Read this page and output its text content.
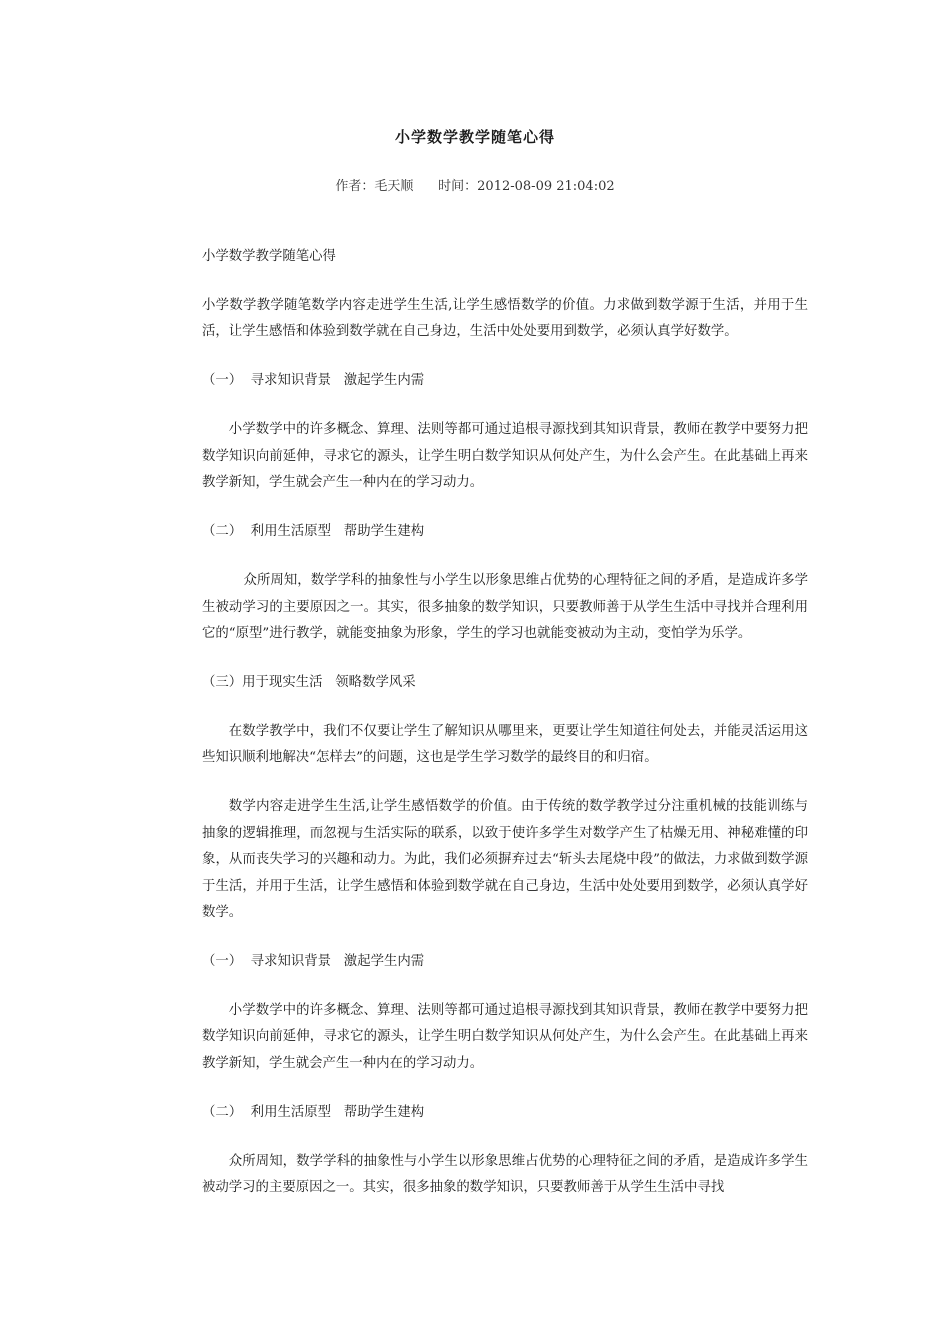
小学数学教学随笔心得
作者：毛天顺 时间：2012-08-09 21:04:02

小学数学教学随笔心得

小学数学教学随笔数学内容走进学生生活,让学生感悟数学的价值。力求做到数学源于生活，并用于生活，让学生感悟和体验到数学就在自己身边，生活中处处要用到数学，必须认真学好数学。

（一）  寻求知识背景   激起学生内需

小学数学中的许多概念、算理、法则等都可通过追根寻源找到其知识背景，教师在教学中要努力把数学知识向前延伸，寻求它的源头，让学生明白数学知识从何处产生，为什么会产生。在此基础上再来教学新知，学生就会产生一种内在的学习动力。

（二）  利用生活原型   帮助学生建构

众所周知，数学学科的抽象性与小学生以形象思维占优势的心理特征之间的矛盾，是造成许多学生被动学习的主要原因之一。其实，很多抽象的数学知识，只要教师善于从学生生活中寻找并合理利用它的“原型”进行教学，就能变抽象为形象，学生的学习也就能变被动为主动，变怕学为乐学。

（三）用于现实生活   领略数学风采

在数学教学中，我们不仅要让学生了解知识从哪里来，更要让学生知道往何处去，并能灵活运用这些知识顺利地解决“怎样去”的问题，这也是学生学习数学的最终目的和归宿。

数学内容走进学生生活,让学生感悟数学的价值。由于传统的数学教学过分注重机械的技能训练与抽象的逻辑推理，而忽视与生活实际的联系，以致于使许多学生对数学产生了枯燥无用、神秘难懂的印象，从而丧失学习的兴趣和动力。为此，我们必须摒弃过去“斩头去尾烧中段”的做法，力求做到数学源于生活，并用于生活，让学生感悟和体验到数学就在自己身边，生活中处处要用到数学，必须认真学好数学。

（一）  寻求知识背景   激起学生内需

小学数学中的许多概念、算理、法则等都可通过追根寻源找到其知识背景，教师在教学中要努力把数学知识向前延伸，寻求它的源头，让学生明白数学知识从何处产生，为什么会产生。在此基础上再来教学新知，学生就会产生一种内在的学习动力。

（二）  利用生活原型   帮助学生建构

众所周知，数学学科的抽象性与小学生以形象思维占优势的心理特征之间的矛盾，是造成许多学生被动学习的主要原因之一。其实，很多抽象的数学知识，只要教师善于从学生生活中寻找
